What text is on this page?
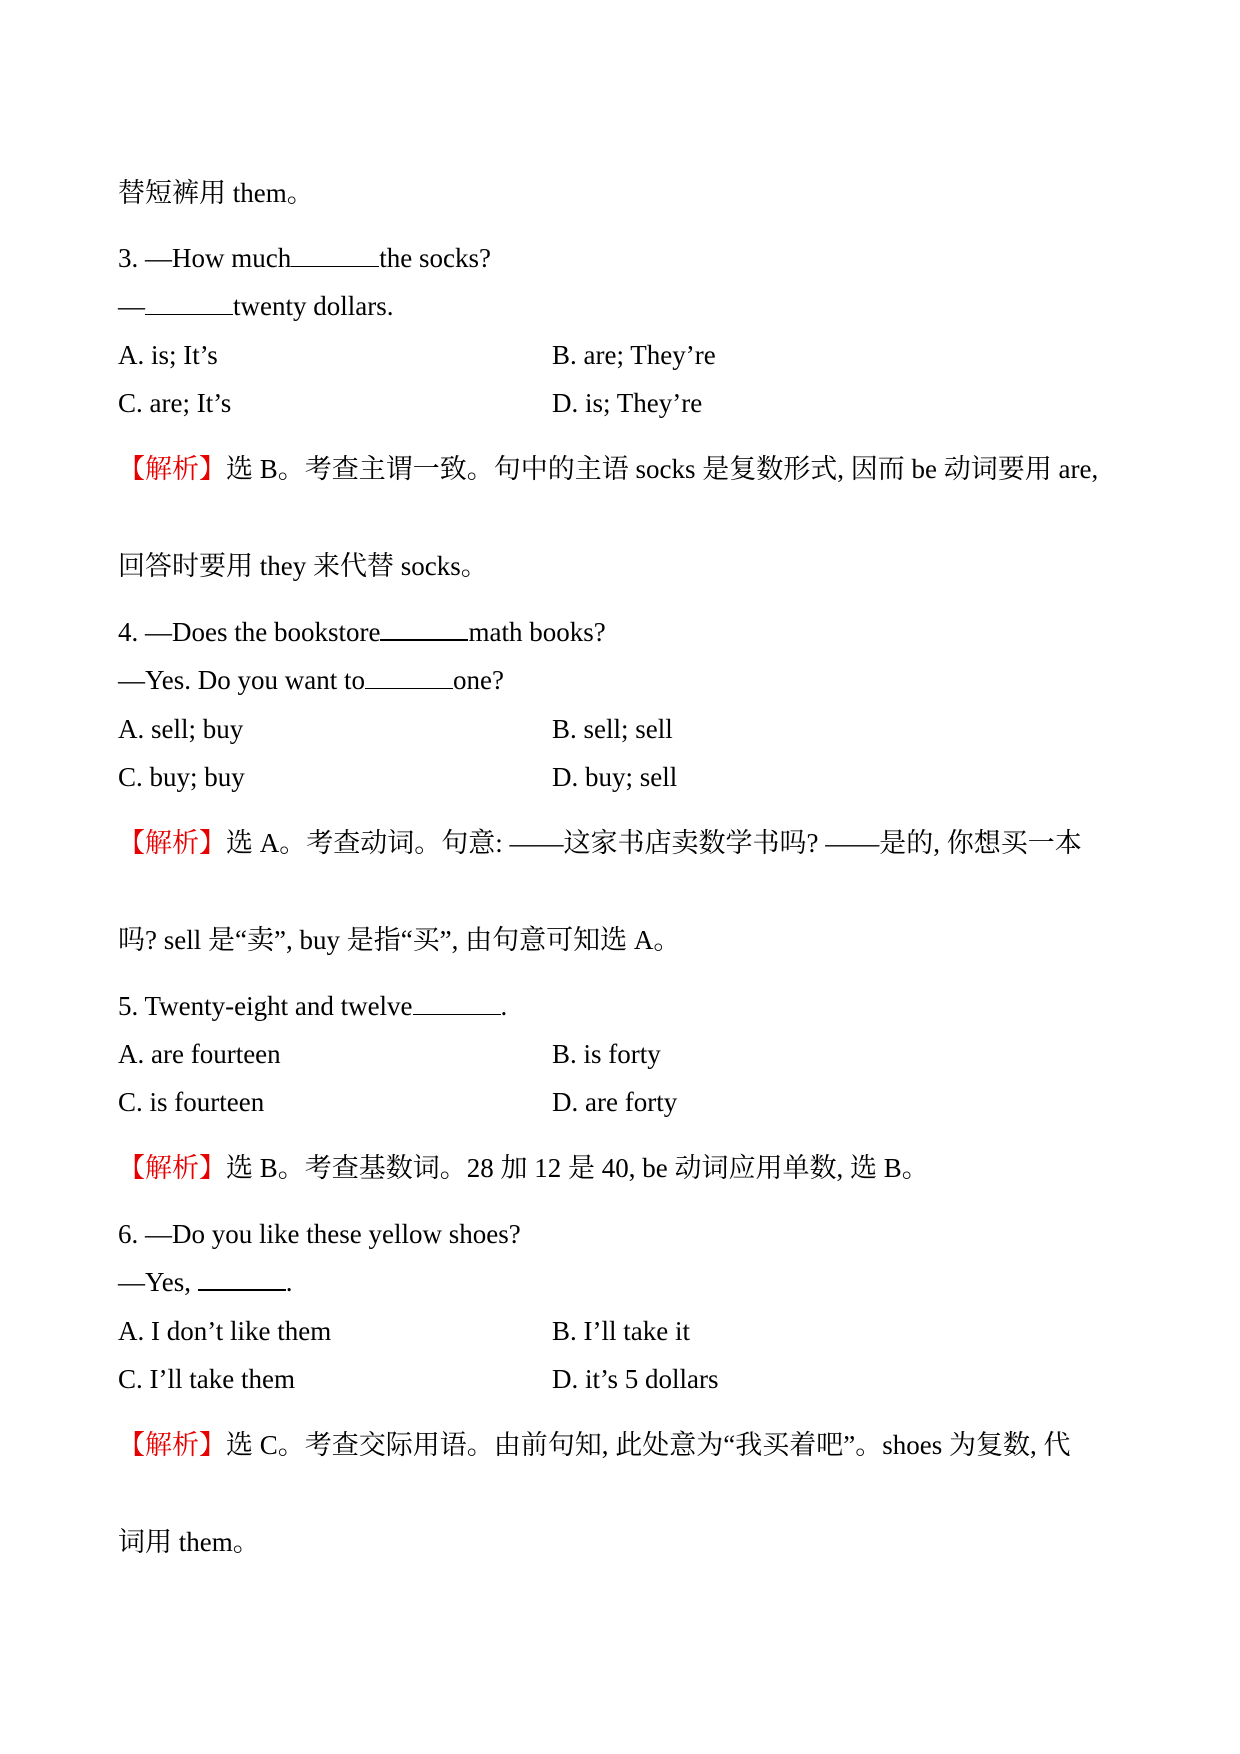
替短裤用 them。
3. —How much	the socks?
—	twenty dollars.
A. is; It’s	B. are; They’re
C. are; It’s	D. is; They’re
【解析】选 B。考查主谓一致。句中的主语 socks 是复数形式, 因而 be 动词要用 are,
回答时要用 they 来代替 socks。
4. —Does the bookstore	math books?
—Yes. Do you want to	one?
A. sell; buy	B. sell; sell
C. buy; buy	D. buy; sell
【解析】选 A。考查动词。句意: ——这家书店卖数学书吗? ——是的, 你想买一本
吗? sell 是“卖”, buy 是指“买”, 由句意可知选 A。
5. Twenty-eight and twelve	.
A. are fourteen	B. is forty
C. is fourteen	D. are forty
【解析】选 B。考查基数词。28 加 12 是 40, be 动词应用单数, 选 B。
6. —Do you like these yellow shoes?
—Yes,	.
A. I don’t like them	B. I’ll take it
C. I’ll take them	D. it’s 5 dollars
【解析】选 C。考查交际用语。由前句知, 此处意为“我买着吧”。shoes 为复数, 代
词用 them。
